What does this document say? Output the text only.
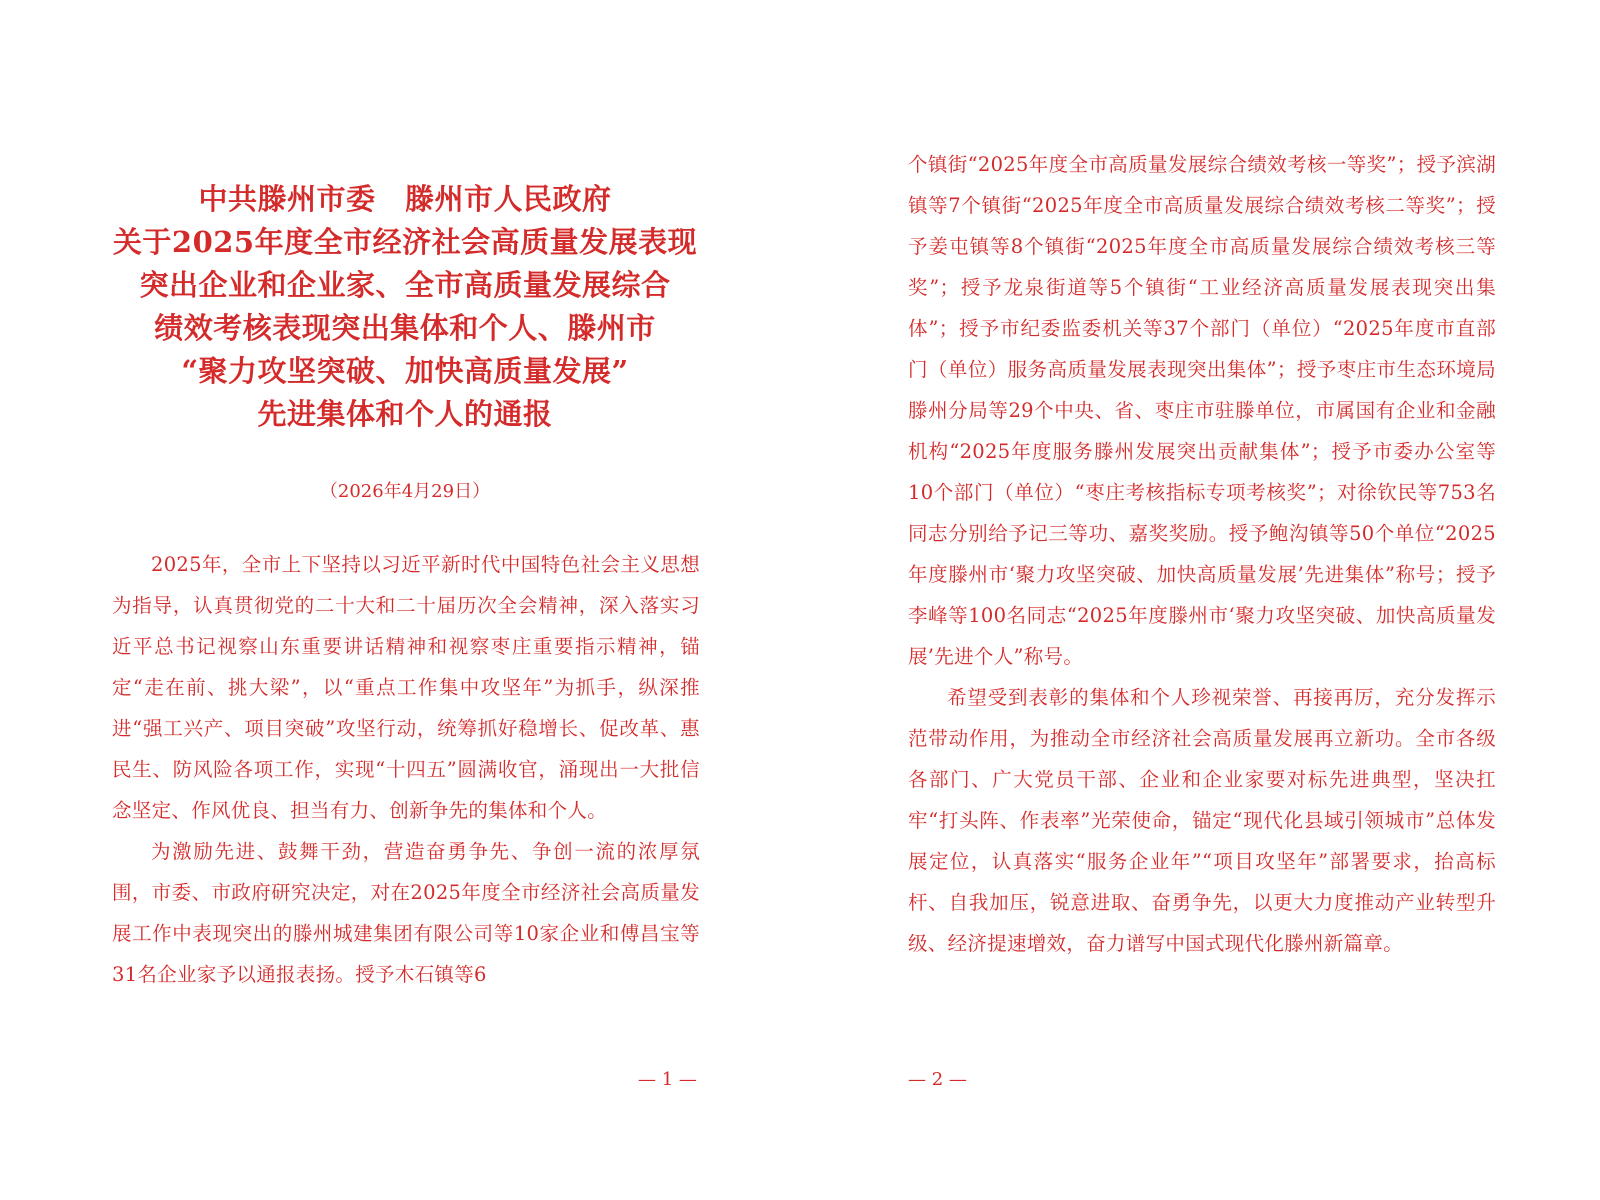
中共滕州市委　滕州市人民政府
关于2025年度全市经济社会高质量发展表现
突出企业和企业家、全市高质量发展综合
绩效考核表现突出集体和个人、滕州市
“聚力攻坚突破、加快高质量发展”
先进集体和个人的通报
（2026年4月29日）

2025年，全市上下坚持以习近平新时代中国特色社会主义思想为指导，认真贯彻党的二十大和二十届历次全会精神，深入落实习近平总书记视察山东重要讲话精神和视察枣庄重要指示精神，锚定“走在前、挑大梁”，以“重点工作集中攻坚年”为抓手，纵深推进“强工兴产、项目突破”攻坚行动，统筹抓好稳增长、促改革、惠民生、防风险各项工作，实现“十四五”圆满收官，涌现出一大批信念坚定、作风优良、担当有力、创新争先的集体和个人。

为激励先进、鼓舞干劲，营造奋勇争先、争创一流的浓厚氛围，市委、市政府研究决定，对在2025年度全市经济社会高质量发展工作中表现突出的滕州城建集团有限公司等10家企业和傅昌宝等31名企业家予以通报表扬。授予木石镇等6

— 1 —

个镇街“2025年度全市高质量发展综合绩效考核一等奖”；授予滨湖镇等7个镇街“2025年度全市高质量发展综合绩效考核二等奖”；授予姜屯镇等8个镇街“2025年度全市高质量发展综合绩效考核三等奖”；授予龙泉街道等5个镇街“工业经济高质量发展表现突出集体”；授予市纪委监委机关等37个部门（单位）“2025年度市直部门（单位）服务高质量发展表现突出集体”；授予枣庄市生态环境局滕州分局等29个中央、省、枣庄市驻滕单位，市属国有企业和金融机构“2025年度服务滕州发展突出贡献集体”；授予市委办公室等10个部门（单位）“枣庄考核指标专项考核奖”；对徐钦民等753名同志分别给予记三等功、嘉奖奖励。授予鲍沟镇等50个单位“2025年度滕州市‘聚力攻坚突破、加快高质量发展’先进集体”称号；授予李峰等100名同志“2025年度滕州市‘聚力攻坚突破、加快高质量发展’先进个人”称号。

希望受到表彰的集体和个人珍视荣誉、再接再厉，充分发挥示范带动作用，为推动全市经济社会高质量发展再立新功。全市各级各部门、广大党员干部、企业和企业家要对标先进典型，坚决扛牢“打头阵、作表率”光荣使命，锚定“现代化县域引领城市”总体发展定位，认真落实“服务企业年”“项目攻坚年”部署要求，抬高标杆、自我加压，锐意进取、奋勇争先，以更大力度推动产业转型升级、经济提速增效，奋力谱写中国式现代化滕州新篇章。

— 2 —
